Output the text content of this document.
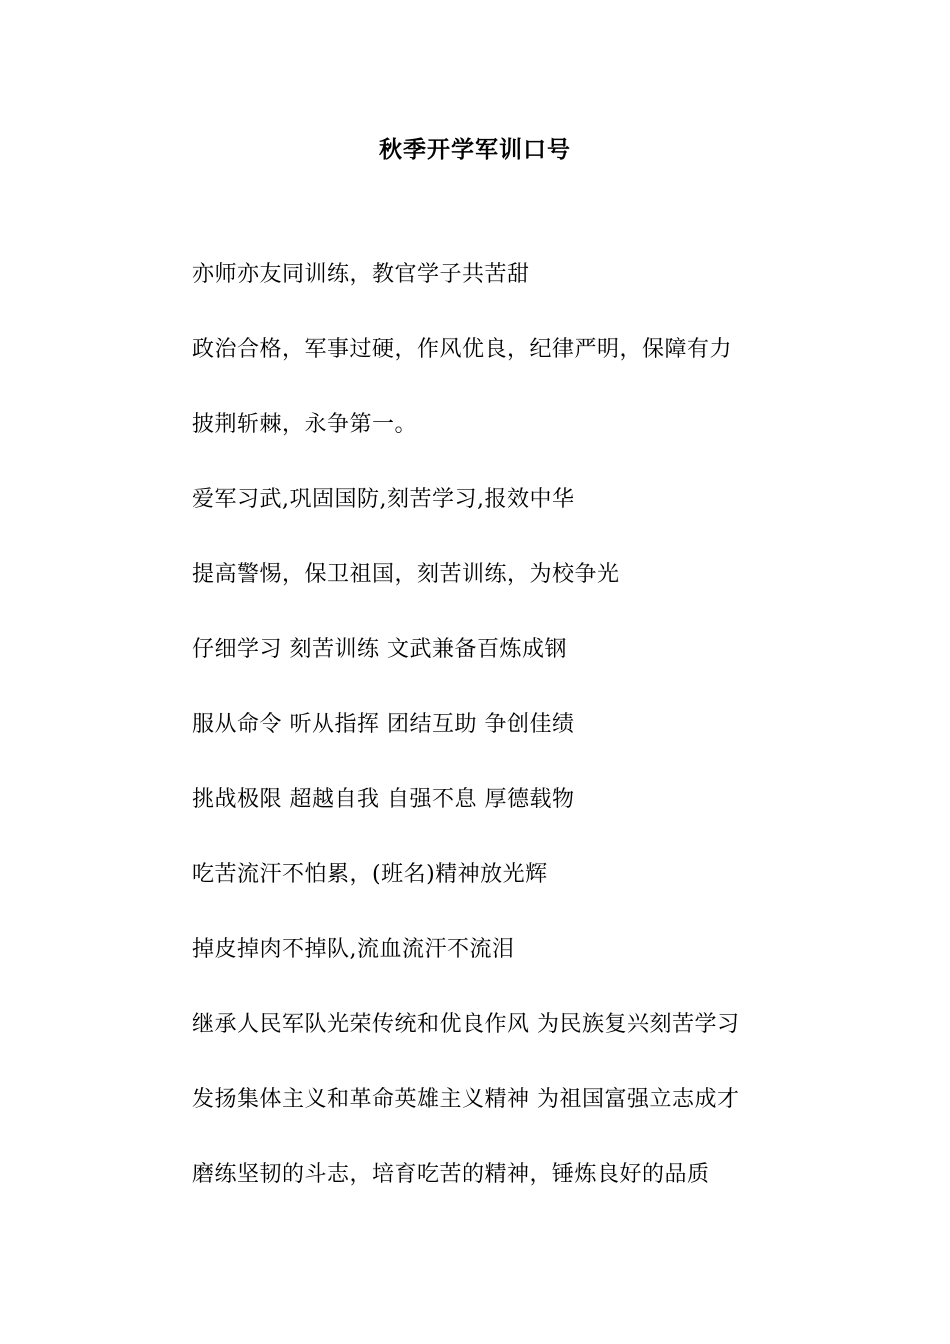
秋季开学军训口号
亦师亦友同训练，教官学子共苦甜
政治合格，军事过硬，作风优良，纪律严明，保障有力
披荆斩棘，永争第一。
爱军习武,巩固国防,刻苦学习,报效中华
提高警惕，保卫祖国，刻苦训练，为校争光
仔细学习 刻苦训练 文武兼备百炼成钢
服从命令 听从指挥 团结互助 争创佳绩
挑战极限 超越自我 自强不息 厚德载物
吃苦流汗不怕累，(班名)精神放光辉
掉皮掉肉不掉队,流血流汗不流泪
继承人民军队光荣传统和优良作风 为民族复兴刻苦学习
发扬集体主义和革命英雄主义精神 为祖国富强立志成才
磨练坚韧的斗志，培育吃苦的精神，锤炼良好的品质
